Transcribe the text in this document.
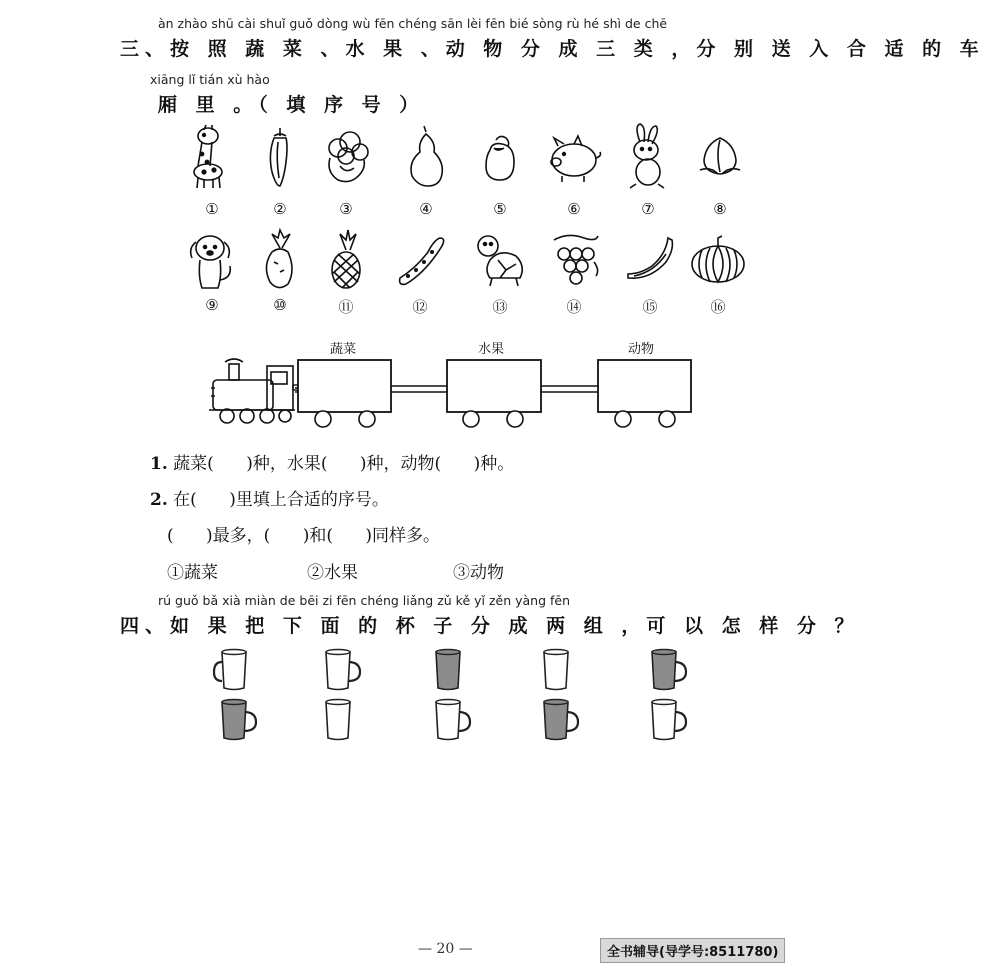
àn zhào shū cài shuǐ guǒ dòng wù fēn chéng sān lèi fēn bié sòng rù hé shì de chē
三、按 照 蔬 菜 、水 果 、动 物 分 成 三 类 ，分 别 送 入 合 适 的 车
xiāng lǐ tián xù hào
厢 里 。（ 填 序 号 ）
①	②	③	④	⑤	⑥	⑦	⑧
⑨	⑩	⑪	⑫	⑬	⑭	⑮	⑯
蔬菜	水果	动物
1. 蔬菜(      )种，水果(      )种，动物(      )种。
2. 在(      )里填上合适的序号。
(      )最多，(      )和(      )同样多。
①蔬菜	②水果	③动物
rú guǒ bǎ xià miàn de bēi zi fēn chéng liǎng zǔ kě yǐ zěn yàng fēn
四、如 果 把 下 面 的 杯 子 分 成 两 组 ，可 以 怎 样 分 ？
— 20 —	全书辅导(导学号:8511780)
